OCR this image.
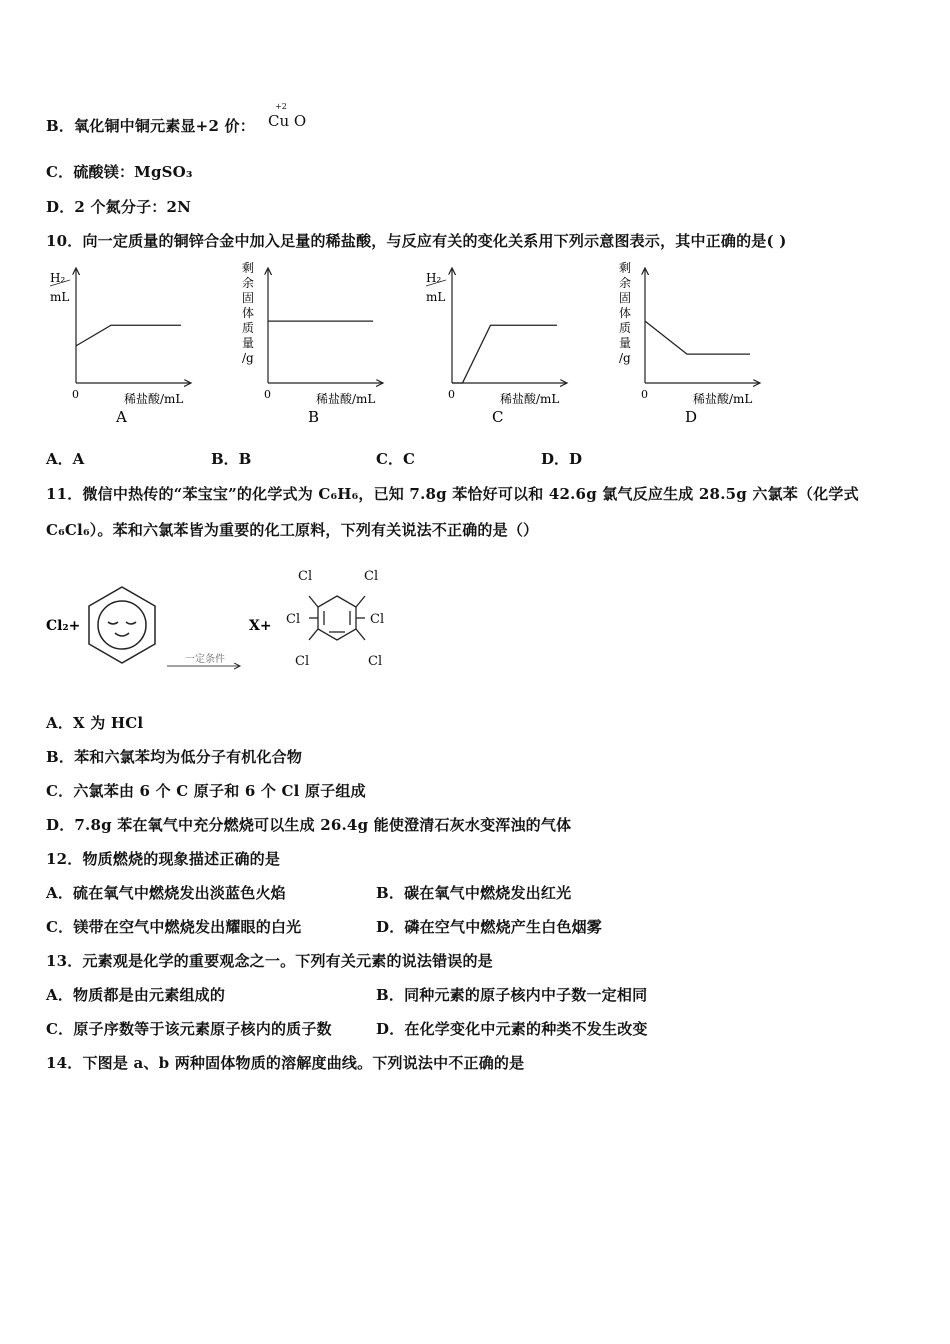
B．氧化铜中铜元素显+2 价：
+2
Cu O
C．硫酸镁：MgSO₃
D．2 个氮分子：2N
10．向一定质量的铜锌合金中加入足量的稀盐酸，与反应有关的变化关系用下列示意图表示，其中正确的是( )
H₂
mL
0	稀盐酸/mL
A
剩
余
固
体
质
量
/g
0	稀盐酸/mL
B
H₂
mL
0	稀盐酸/mL
C
剩
余
固
体
质
量
/g
0	稀盐酸/mL
D
A．A	B．B	C．C	D．D
11．微信中热传的“苯宝宝”的化学式为 C₆H₆，已知 7.8g 苯恰好可以和 42.6g 氯气反应生成 28.5g 六氯苯（化学式
C₆Cl₆）。苯和六氯苯皆为重要的化工原料，下列有关说法不正确的是（）
Cl₂+
一定条件
X+
Cl	Cl
Cl	Cl
Cl	Cl
A．X 为 HCl
B．苯和六氯苯均为低分子有机化合物
C．六氯苯由 6 个 C 原子和 6 个 Cl 原子组成
D．7.8g 苯在氧气中充分燃烧可以生成 26.4g 能使澄清石灰水变浑浊的气体
12．物质燃烧的现象描述正确的是
A．硫在氧气中燃烧发出淡蓝色火焰	B．碳在氧气中燃烧发出红光
C．镁带在空气中燃烧发出耀眼的白光	D．磷在空气中燃烧产生白色烟雾
13．元素观是化学的重要观念之一。下列有关元素的说法错误的是
A．物质都是由元素组成的	B．同种元素的原子核内中子数一定相同
C．原子序数等于该元素原子核内的质子数	D．在化学变化中元素的种类不发生改变
14．下图是 a、b 两种固体物质的溶解度曲线。下列说法中不正确的是
